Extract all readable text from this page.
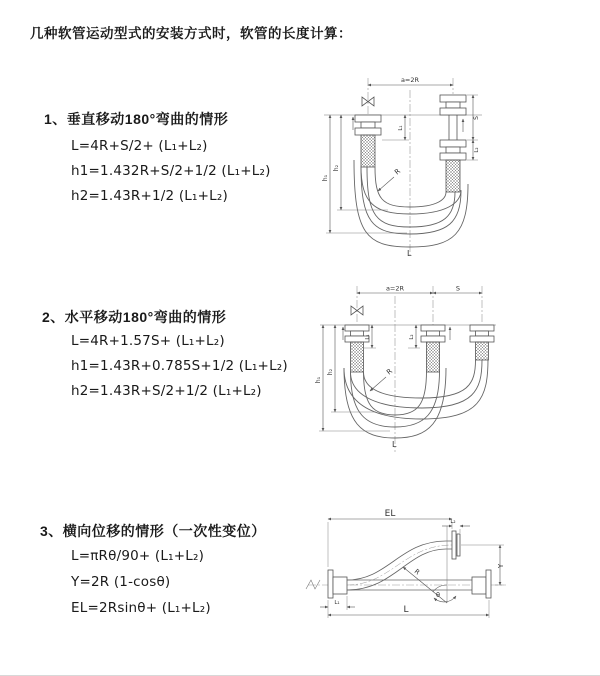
几种软管运动型式的安装方式时，软管的长度计算：
1、垂直移动180°弯曲的情形
L=4R+S/2+ (L₁+L₂)
h1=1.432R+S/2+1/2 (L₁+L₂)
h2=1.43R+1/2 (L₁+L₂)
2、水平移动180°弯曲的情形
L=4R+1.57S+ (L₁+L₂)
h1=1.43R+0.785S+1/2 (L₁+L₂)
h2=1.43R+S/2+1/2 (L₁+L₂)
3、横向位移的情形（一次性变位）
L=πRθ/90+ (L₁+L₂)
Y=2R (1-cosθ)
EL=2Rsinθ+ (L₁+L₂)
a=2R
R
L
h₁
h₂
L₁
S
L₂
a=2R	S
h₁
h₂
L₁	L₂
R
L
EL
L₂
Y
L
L₁
θ
R
